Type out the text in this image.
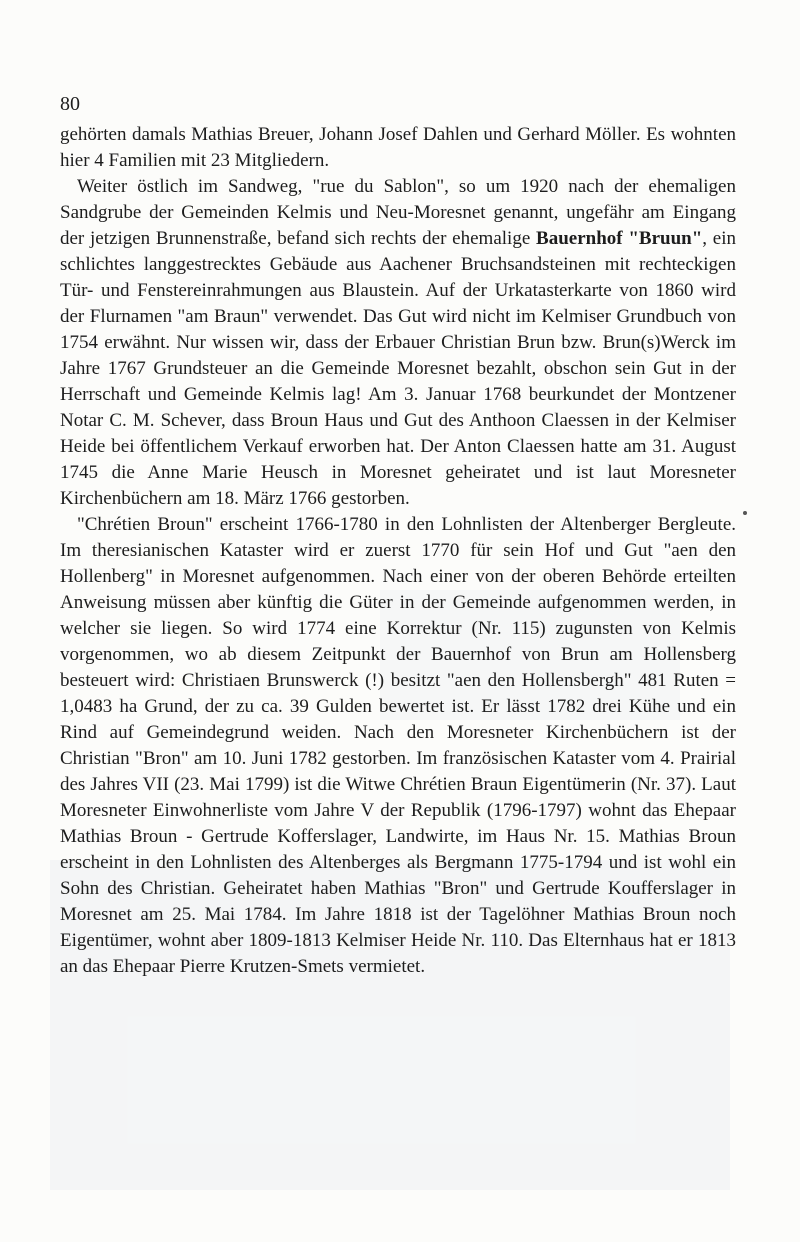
80

gehörten damals Mathias Breuer, Johann Josef Dahlen und Gerhard Möller. Es wohnten hier 4 Familien mit 23 Mitgliedern.

Weiter östlich im Sandweg, "rue du Sablon", so um 1920 nach der ehemaligen Sandgrube der Gemeinden Kelmis und Neu-Moresnet genannt, ungefähr am Eingang der jetzigen Brunnenstraße, befand sich rechts der ehemalige Bauernhof "Bruun", ein schlichtes langgestrecktes Gebäude aus Aachener Bruchsandsteinen mit rechteckigen Tür- und Fenstereinrahmungen aus Blaustein. Auf der Urkatasterkarte von 1860 wird der Flurnamen "am Braun" verwendet. Das Gut wird nicht im Kelmiser Grundbuch von 1754 erwähnt. Nur wissen wir, dass der Erbauer Christian Brun bzw. Brun(s)Werck im Jahre 1767 Grundsteuer an die Gemeinde Moresnet bezahlt, obschon sein Gut in der Herrschaft und Gemeinde Kelmis lag! Am 3. Januar 1768 beurkundet der Montzener Notar C. M. Schever, dass Broun Haus und Gut des Anthoon Claessen in der Kelmiser Heide bei öffentlichem Verkauf erworben hat. Der Anton Claessen hatte am 31. August 1745 die Anne Marie Heusch in Moresnet geheiratet und ist laut Moresneter Kirchenbüchern am 18. März 1766 gestorben.

"Chrétien Broun" erscheint 1766-1780 in den Lohnlisten der Altenberger Bergleute. Im theresianischen Kataster wird er zuerst 1770 für sein Hof und Gut "aen den Hollenberg" in Moresnet aufgenommen. Nach einer von der oberen Behörde erteilten Anweisung müssen aber künftig die Güter in der Gemeinde aufgenommen werden, in welcher sie liegen. So wird 1774 eine Korrektur (Nr. 115) zugunsten von Kelmis vorgenommen, wo ab diesem Zeitpunkt der Bauernhof von Brun am Hollensberg besteuert wird: Christiaen Brunswerck (!) besitzt "aen den Hollensbergh" 481 Ruten = 1,0483 ha Grund, der zu ca. 39 Gulden bewertet ist. Er lässt 1782 drei Kühe und ein Rind auf Gemeindegrund weiden. Nach den Moresneter Kirchenbüchern ist der Christian "Bron" am 10. Juni 1782 gestorben. Im französischen Kataster vom 4. Prairial des Jahres VII (23. Mai 1799) ist die Witwe Chrétien Braun Eigentümerin (Nr. 37). Laut Moresneter Einwohnerliste vom Jahre V der Republik (1796-1797) wohnt das Ehepaar Mathias Broun - Gertrude Kofferslager, Landwirte, im Haus Nr. 15. Mathias Broun erscheint in den Lohnlisten des Altenberges als Bergmann 1775-1794 und ist wohl ein Sohn des Christian. Geheiratet haben Mathias "Bron" und Gertrude Koufferslager in Moresnet am 25. Mai 1784. Im Jahre 1818 ist der Tagelöhner Mathias Broun noch Eigentümer, wohnt aber 1809-1813 Kelmiser Heide Nr. 110. Das Elternhaus hat er 1813 an das Ehepaar Pierre Krutzen-Smets vermietet.
